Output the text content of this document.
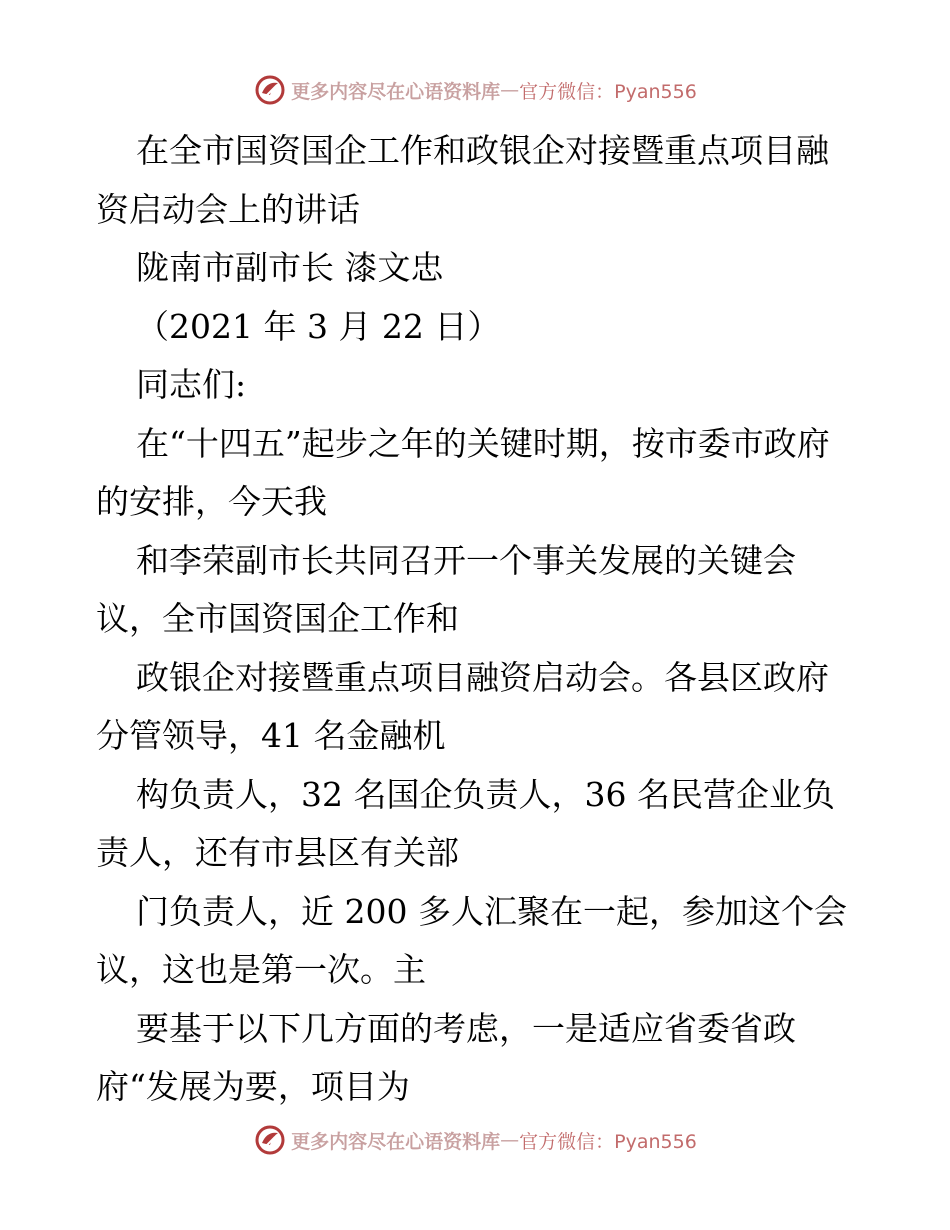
更多内容尽在心语资料库 — 官方微信：Pyan556

在全市国资国企工作和政银企对接暨重点项目融资启动会上的讲话

陇南市副市长 漆文忠

（2021 年 3 月 22 日）

同志们:

在“十四五”起步之年的关键时期，按市委市政府的安排，今天我

和李荣副市长共同召开一个事关发展的关键会议，全市国资国企工作和

政银企对接暨重点项目融资启动会。各县区政府分管领导，41 名金融机

构负责人，32 名国企负责人，36 名民营企业负责人，还有市县区有关部

门负责人，近 200 多人汇聚在一起，参加这个会议，这也是第一次。主

要基于以下几方面的考虑，一是适应省委省政府“发展为要，项目为

更多内容尽在心语资料库 — 官方微信：Pyan556
